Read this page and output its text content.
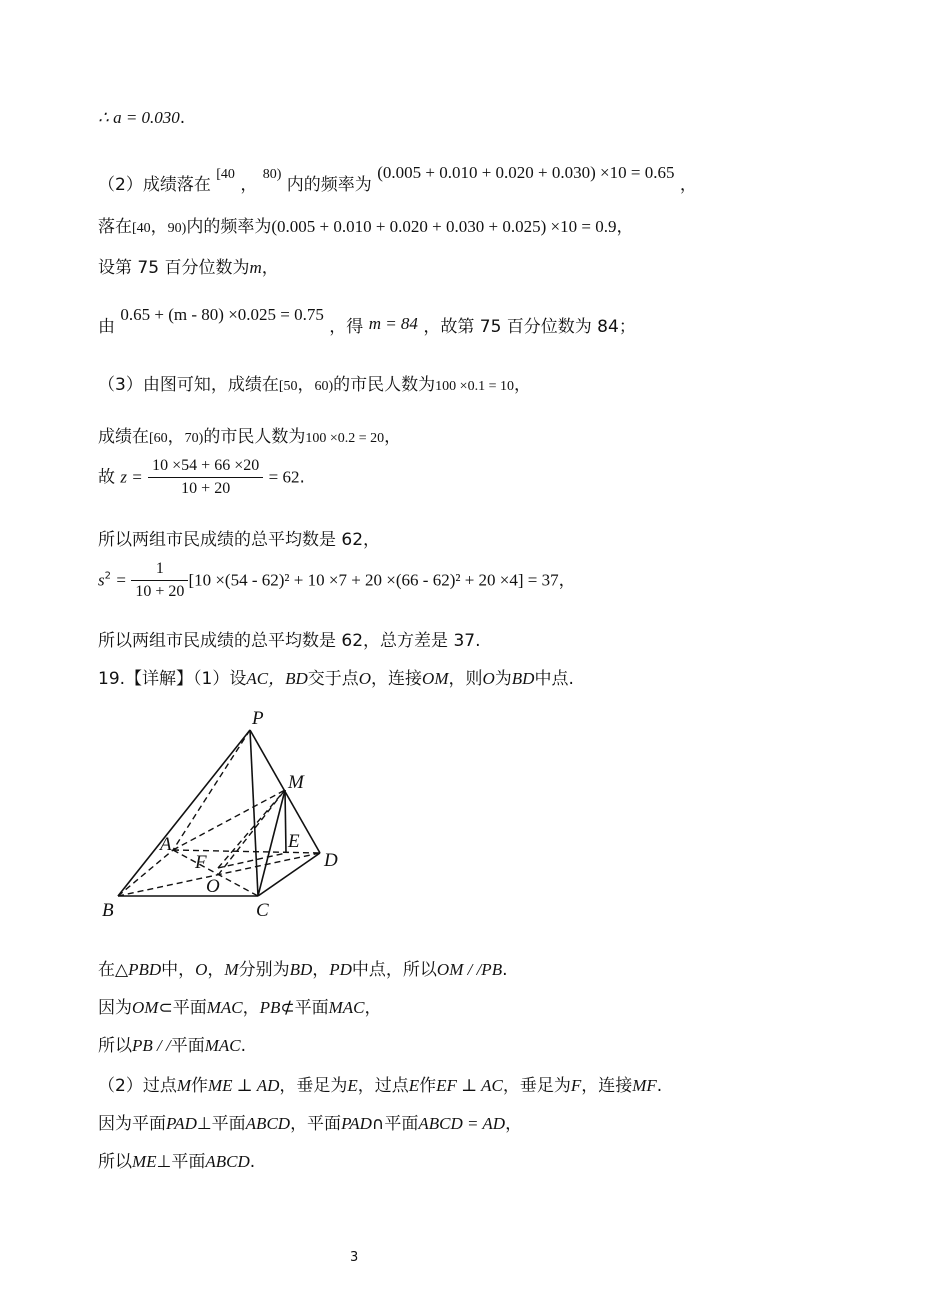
∴ a = 0.030.
（2）成绩落在 $^{[40}$ ， $^{80)}$ 内的频率为 (0.005 + 0.010 + 0.020 + 0.030) ×10 = 0.65 ，
落在[40，90)内的频率为(0.005 + 0.010 + 0.020 + 0.030 + 0.025) ×10 = 0.9，
设第 75 百分位数为m，
由 0.65 + (m - 80) ×0.025 = 0.75 ，得 m = 84 ，故第 75 百分位数为 84；
（3）由图可知，成绩在[50，60)的市民人数为100 ×0.1 = 10，
成绩在[60，70)的市民人数为100 ×0.2 = 20，
故 $z = \frac{10 \times 54 + 66 \times 20}{10 + 20} = 62$.
所以两组市民成绩的总平均数是 62，
$s^2 = \frac{1}{10 + 20} [10 \times(54 - 62)^2 + 10 \times 7 + 20 \times(66 - 62)^2 + 20 \times 4] = 37$，
所以两组市民成绩的总平均数是 62，总方差是 37.
19.【详解】（1）设AC，BD交于点O，连接OM，则O为BD中点.
P
M
A	E
F	D
O
B	C
在△PBD中，O，M分别为BD，PD中点，所以OM / /PB.
因为OM⊂平面MAC，PB⊄平面MAC，
所以PB / /平面MAC.
（2）过点M作ME ⊥ AD，垂足为E，过点E作EF ⊥ AC，垂足为F，连接MF.
因为平面PAD⊥平面ABCD，平面PAD∩平面ABCD = AD，
所以ME⊥平面ABCD.
3
